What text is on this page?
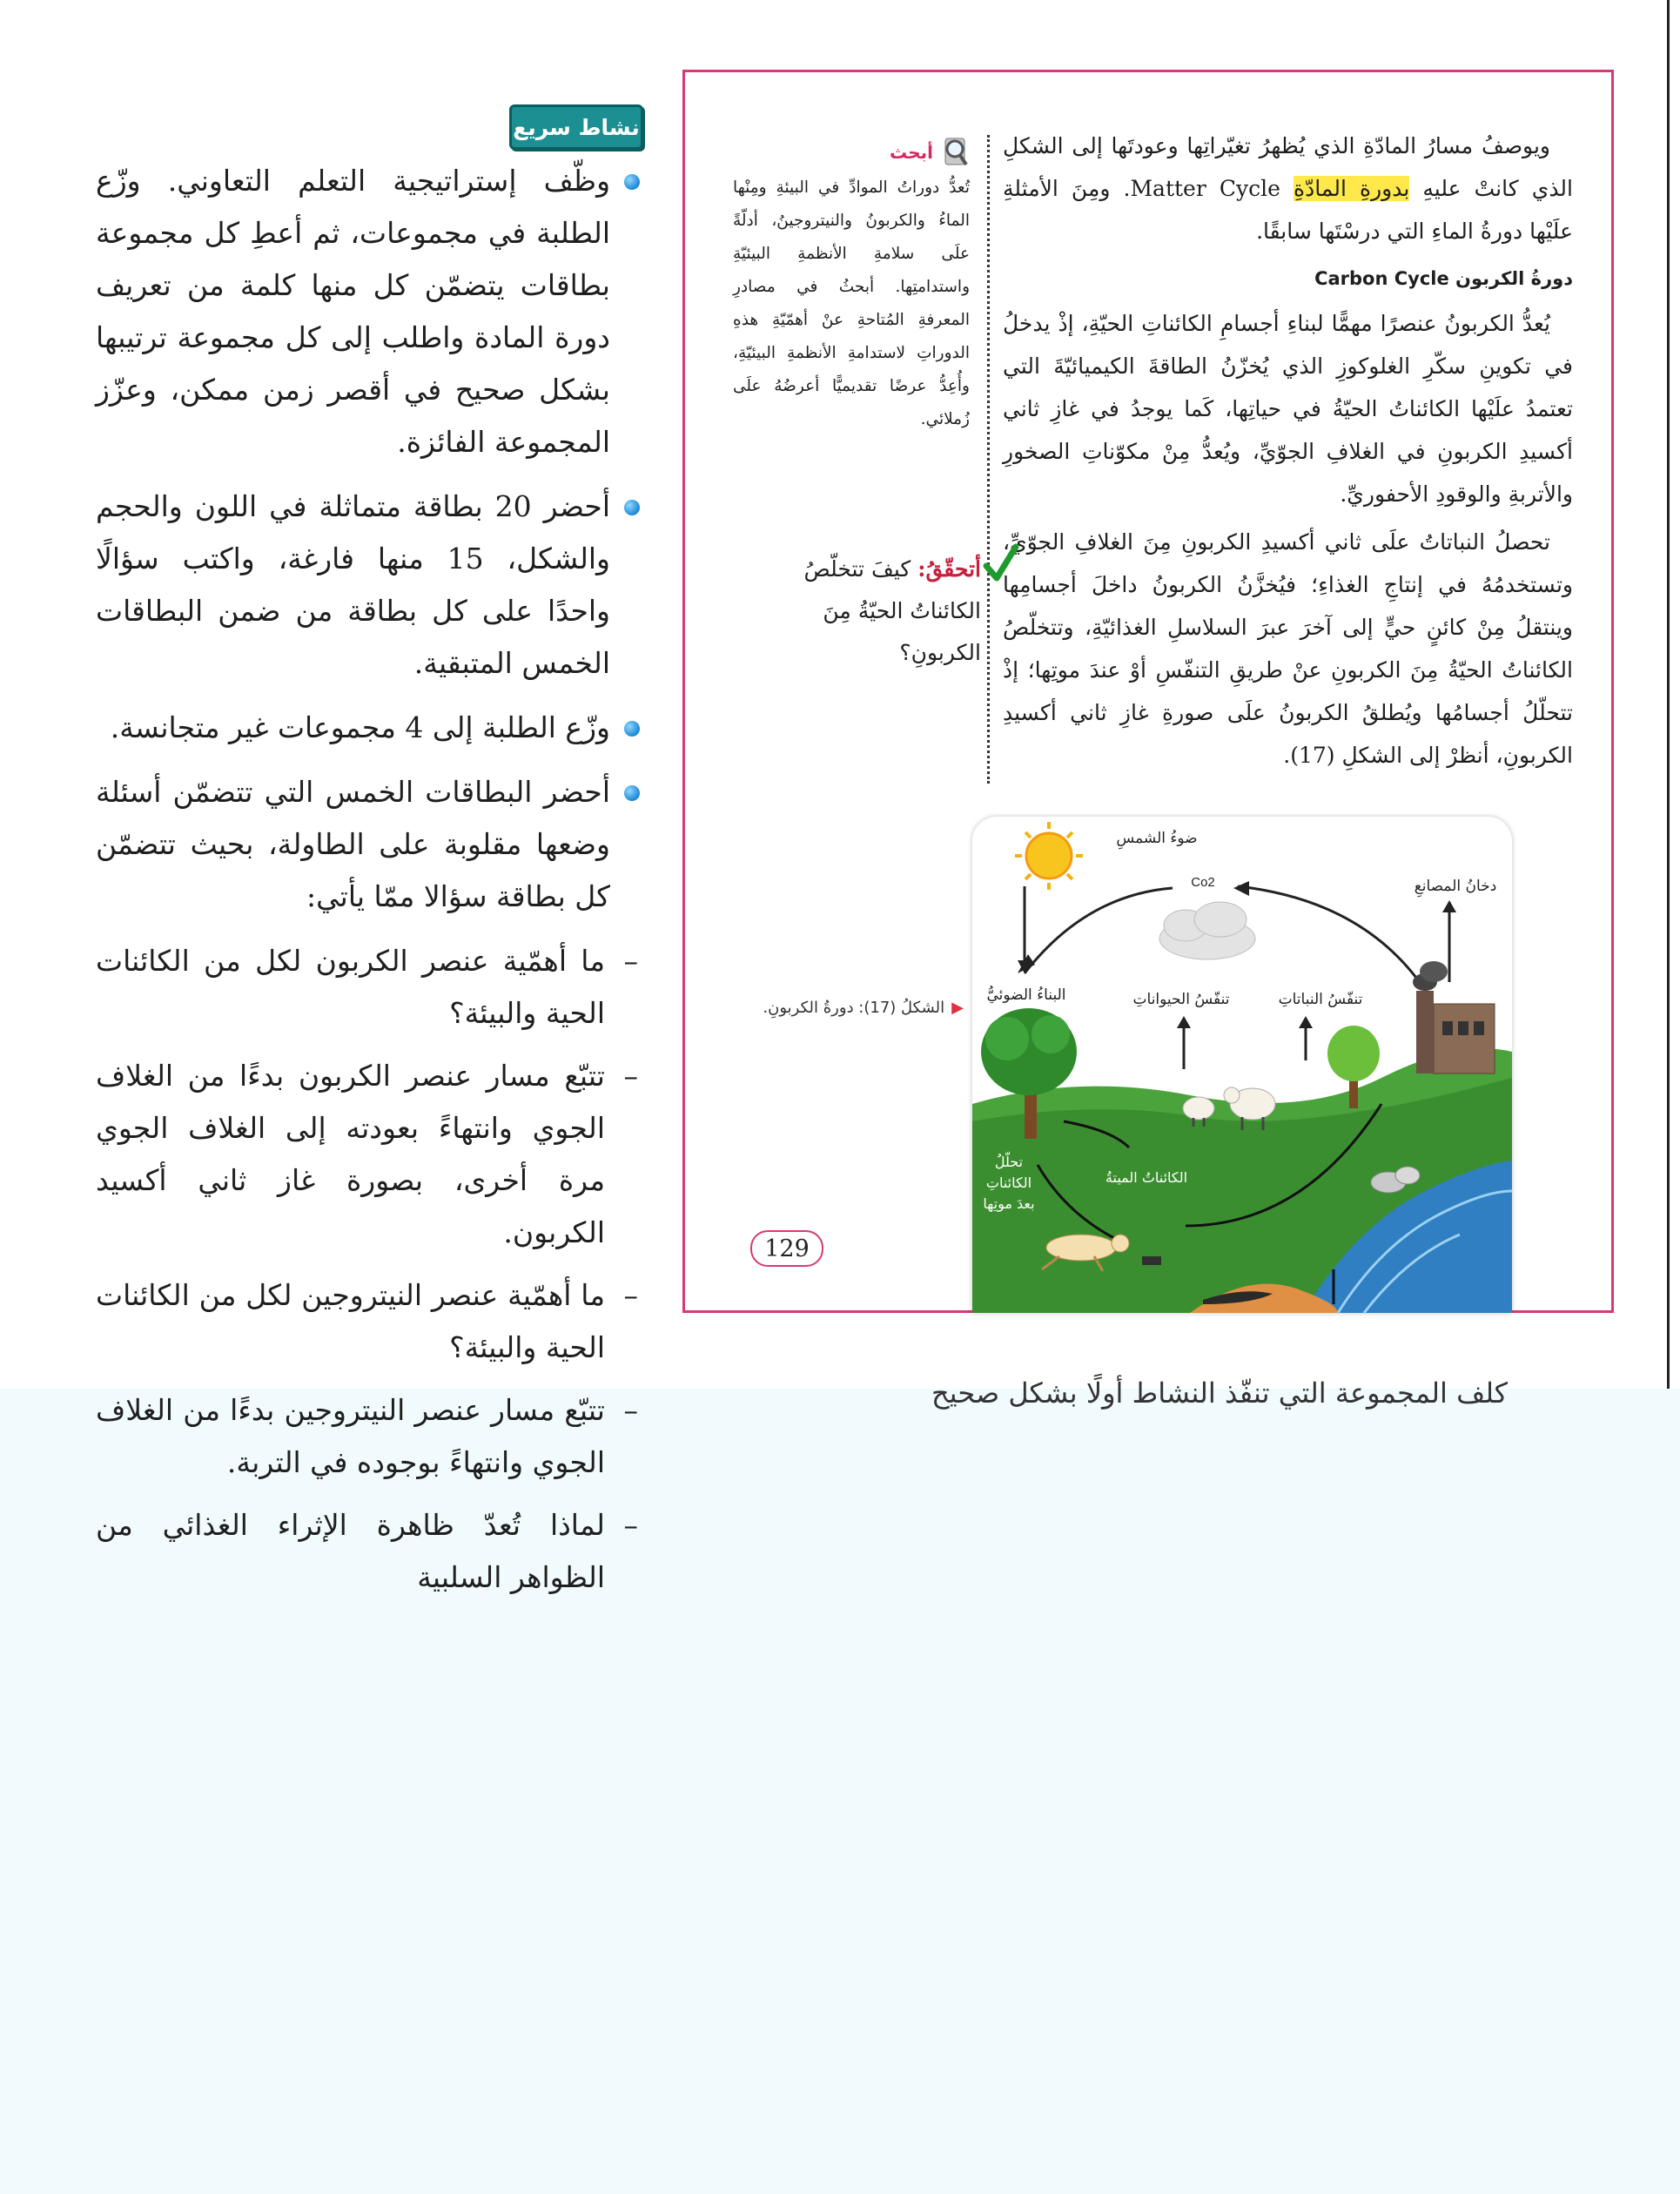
نشاط سريع
وظّف إستراتيجية التعلم التعاوني. وزّع الطلبة في مجموعات، ثم أعطِ كل مجموعة بطاقات يتضمّن كل منها كلمة من تعريف دورة المادة واطلب إلى كل مجموعة ترتيبها بشكل صحيح في أقصر زمن ممكن، وعزّز المجموعة الفائزة.
أحضر 20 بطاقة متماثلة في اللون والحجم والشكل، 15 منها فارغة، واكتب سؤالًا واحدًا على كل بطاقة من ضمن البطاقات الخمس المتبقية.
وزّع الطلبة إلى 4 مجموعات غير متجانسة.
أحضر البطاقات الخمس التي تتضمّن أسئلة وضعها مقلوبة على الطاولة، بحيث تتضمّن كل بطاقة سؤالا ممّا يأتي:
–
ما أهمّية عنصر الكربون لكل من الكائنات الحية والبيئة؟
–
تتبّع مسار عنصر الكربون بدءًا من الغلاف الجوي وانتهاءً بعودته إلى الغلاف الجوي مرة أخرى، بصورة غاز ثاني أكسيد الكربون.
–
ما أهمّية عنصر النيتروجين لكل من الكائنات الحية والبيئة؟
–
تتبّع مسار عنصر النيتروجين بدءًا من الغلاف الجوي وانتهاءً بوجوده في التربة.
–
لماذا تُعدّ ظاهرة الإثراء الغذائي من الظواهر السلبية

ويوصفُ مسارُ المادّةِ الذي يُظهرُ تغيّراتِها وعودتَها إلى الشكلِ الذي كانتْ عليهِ بدورةِ المادّةِ Matter Cycle. ومِنَ الأمثلةِ علَيْها دورةُ الماءِ التي درسْتَها سابقًا.

دورةُ الكربون Carbon Cycle

يُعدُّ الكربونُ عنصرًا مهمًّا لبناءِ أجسامِ الكائناتِ الحيّةِ، إذْ يدخلُ في تكوينِ سكّرِ الغلوكوزِ الذي يُخزّنُ الطاقةَ الكيميائيّةَ التي تعتمدُ علَيْها الكائناتُ الحيّةُ في حياتِها، كَما يوجدُ في غازِ ثاني أكسيدِ الكربونِ في الغلافِ الجوّيِّ، ويُعدُّ مِنْ مكوّناتِ الصخورِ والأتربةِ والوقودِ الأحفوريِّ.

تحصلُ النباتاتُ علَى ثاني أكسيدِ الكربونِ مِنَ الغلافِ الجوّيِّ، وتستخدمُهُ في إنتاجِ الغذاءِ؛ فيُخزَّنُ الكربونُ داخلَ أجسامِها وينتقلُ مِنْ كائنٍ حيٍّ إلى آخرَ عبرَ السلاسلِ الغذائيّةِ، وتتخلّصُ الكائناتُ الحيّةُ مِنَ الكربونِ عنْ طريقِ التنفّسِ أوْ عندَ موتِها؛ إذْ تتحلّلُ أجسامُها ويُطلقُ الكربونُ علَى صورةِ غازِ ثاني أكسيدِ الكربونِ، أنظرْ إلى الشكلِ (17).

أبحث
تُعدُّ دوراتُ الموادِّ في البيئةِ ومِنْها الماءُ والكربونُ والنيتروجينُ، أدلّةً علَى سلامةِ الأنظمةِ البيئيّةِ واستدامتِها. أبحثُ في مصادرِ المعرفةِ المُتاحةِ عنْ أهمّيّةِ هذهِ الدوراتِ لاستدامةِ الأنظمةِ البيئيّةِ، وأُعِدُّ عرضًا تقديميًّا أعرضُهُ علَى زُملائي.
أتحقّقُ: كيفَ تتخلّصُ الكائناتُ الحيّةُ مِنَ الكربونِ؟
▶الشكلُ (17): دورةُ الكربونِ.
129
ضوءُ الشمسِ
Co2	دخانُ المصانعِ
البناءُ الضوئيُّ	تنفّسُ الحيواناتِ	تنفّسُ النباتاتِ
الكائناتُ الميتةُ
تحلّلُ
الكائناتِ
بعدَ موتِها
كلف المجموعة التي تنفّذ النشاط أولًا بشكل صحيح
